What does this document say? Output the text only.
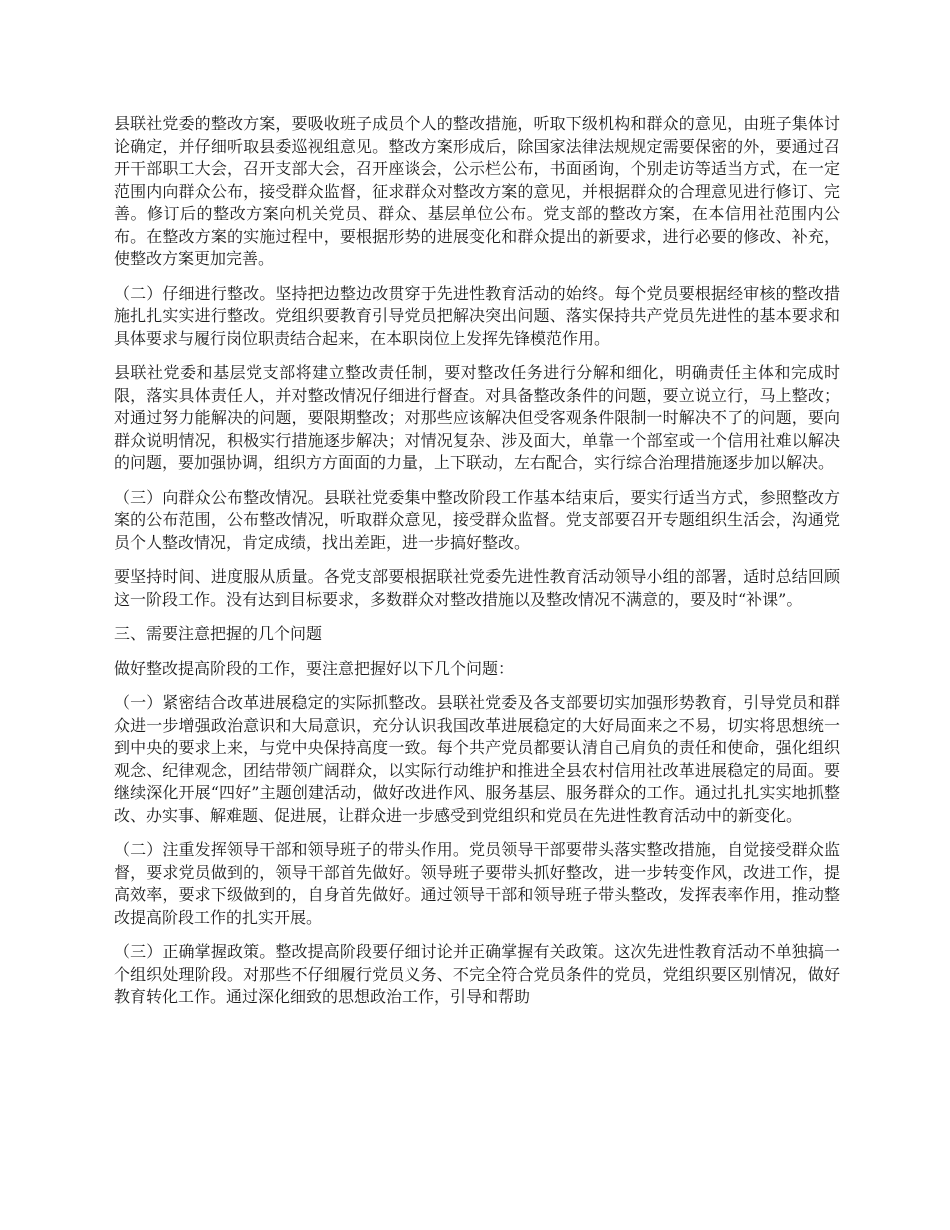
县联社党委的整改方案，要吸收班子成员个人的整改措施，听取下级机构和群众的意见，由班子集体讨论确定，并仔细听取县委巡视组意见。整改方案形成后，除国家法律法规规定需要保密的外，要通过召开干部职工大会，召开支部大会，召开座谈会，公示栏公布，书面函询，个别走访等适当方式，在一定范围内向群众公布，接受群众监督，征求群众对整改方案的意见，并根据群众的合理意见进行修订、完善。修订后的整改方案向机关党员、群众、基层单位公布。党支部的整改方案，在本信用社范围内公布。在整改方案的实施过程中，要根据形势的进展变化和群众提出的新要求，进行必要的修改、补充，使整改方案更加完善。

（二）仔细进行整改。坚持把边整边改贯穿于先进性教育活动的始终。每个党员要根据经审核的整改措施扎扎实实进行整改。党组织要教育引导党员把解决突出问题、落实保持共产党员先进性的基本要求和具体要求与履行岗位职责结合起来，在本职岗位上发挥先锋模范作用。

县联社党委和基层党支部将建立整改责任制，要对整改任务进行分解和细化，明确责任主体和完成时限，落实具体责任人，并对整改情况仔细进行督查。对具备整改条件的问题，要立说立行，马上整改；对通过努力能解决的问题，要限期整改；对那些应该解决但受客观条件限制一时解决不了的问题，要向群众说明情况，积极实行措施逐步解决；对情况复杂、涉及面大，单靠一个部室或一个信用社难以解决的问题，要加强协调，组织方方面面的力量，上下联动，左右配合，实行综合治理措施逐步加以解决。

（三）向群众公布整改情况。县联社党委集中整改阶段工作基本结束后，要实行适当方式，参照整改方案的公布范围，公布整改情况，听取群众意见，接受群众监督。党支部要召开专题组织生活会，沟通党员个人整改情况，肯定成绩，找出差距，进一步搞好整改。

要坚持时间、进度服从质量。各党支部要根据联社党委先进性教育活动领导小组的部署，适时总结回顾这一阶段工作。没有达到目标要求，多数群众对整改措施以及整改情况不满意的，要及时“补课”。

三、需要注意把握的几个问题

做好整改提高阶段的工作，要注意把握好以下几个问题：

（一）紧密结合改革进展稳定的实际抓整改。县联社党委及各支部要切实加强形势教育，引导党员和群众进一步增强政治意识和大局意识，充分认识我国改革进展稳定的大好局面来之不易，切实将思想统一到中央的要求上来，与党中央保持高度一致。每个共产党员都要认清自己肩负的责任和使命，强化组织观念、纪律观念，团结带领广阔群众，以实际行动维护和推进全县农村信用社改革进展稳定的局面。要继续深化开展“四好”主题创建活动，做好改进作风、服务基层、服务群众的工作。通过扎扎实实地抓整改、办实事、解难题、促进展，让群众进一步感受到党组织和党员在先进性教育活动中的新变化。

（二）注重发挥领导干部和领导班子的带头作用。党员领导干部要带头落实整改措施，自觉接受群众监督，要求党员做到的，领导干部首先做好。领导班子要带头抓好整改，进一步转变作风，改进工作，提高效率，要求下级做到的，自身首先做好。通过领导干部和领导班子带头整改，发挥表率作用，推动整改提高阶段工作的扎实开展。

（三）正确掌握政策。整改提高阶段要仔细讨论并正确掌握有关政策。这次先进性教育活动不单独搞一个组织处理阶段。对那些不仔细履行党员义务、不完全符合党员条件的党员，党组织要区别情况，做好教育转化工作。通过深化细致的思想政治工作，引导和帮助
